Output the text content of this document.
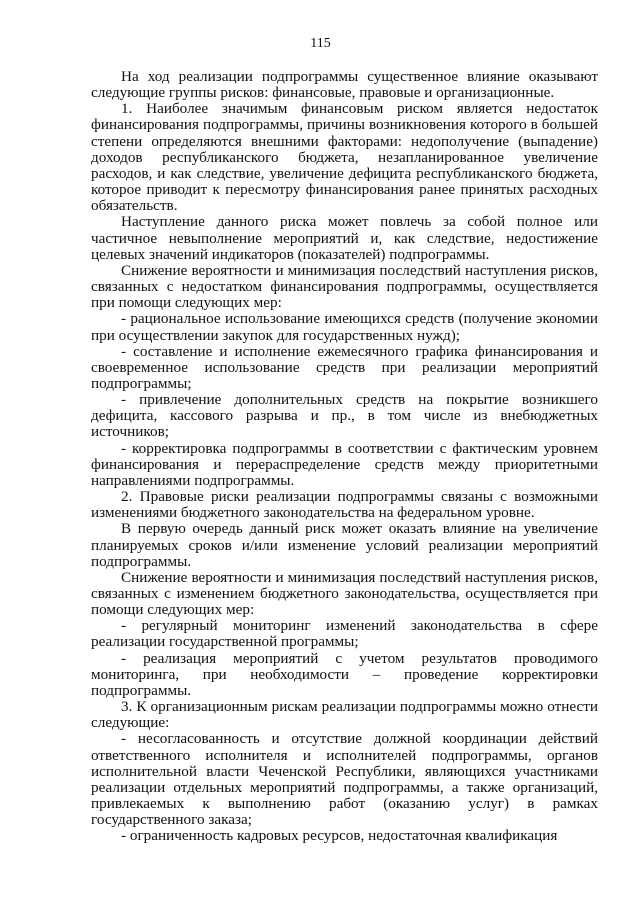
115

На ход реализации подпрограммы существенное влияние оказывают следующие группы рисков: финансовые, правовые и организационные.

1. Наиболее значимым финансовым риском является недостаток финансирования подпрограммы, причины возникновения которого в большей степени определяются внешними факторами: недополучение (выпадение) доходов республиканского бюджета, незапланированное увеличение расходов, и как следствие, увеличение дефицита республиканского бюджета, которое приводит к пересмотру финансирования ранее принятых расходных обязательств.

Наступление данного риска может повлечь за собой полное или частичное невыполнение мероприятий и, как следствие, недостижение целевых значений индикаторов (показателей) подпрограммы.

Снижение вероятности и минимизация последствий наступления рисков, связанных с недостатком финансирования подпрограммы, осуществляется при помощи следующих мер:

- рациональное использование имеющихся средств (получение экономии при осуществлении закупок для государственных нужд);

- составление и исполнение ежемесячного графика финансирования и своевременное использование средств при реализации мероприятий подпрограммы;

- привлечение дополнительных средств на покрытие возникшего дефицита, кассового разрыва и пр., в том числе из внебюджетных источников;

- корректировка подпрограммы в соответствии с фактическим уровнем финансирования и перераспределение средств между приоритетными направлениями подпрограммы.

2. Правовые риски реализации подпрограммы связаны с возможными изменениями бюджетного законодательства на федеральном уровне.

В первую очередь данный риск может оказать влияние на увеличение планируемых сроков и/или изменение условий реализации мероприятий подпрограммы.

Снижение вероятности и минимизация последствий наступления рисков, связанных с изменением бюджетного законодательства, осуществляется при помощи следующих мер:

- регулярный мониторинг изменений законодательства в сфере реализации государственной программы;

- реализация мероприятий с учетом результатов проводимого мониторинга, при необходимости – проведение корректировки подпрограммы.

3. К организационным рискам реализации подпрограммы можно отнести следующие:

- несогласованность и отсутствие должной координации действий ответственного исполнителя и исполнителей подпрограммы, органов исполнительной власти Чеченской Республики, являющихся участниками реализации отдельных мероприятий подпрограммы, а также организаций, привлекаемых к выполнению работ (оказанию услуг) в рамках государственного заказа;

- ограниченность кадровых ресурсов, недостаточная квалификация
